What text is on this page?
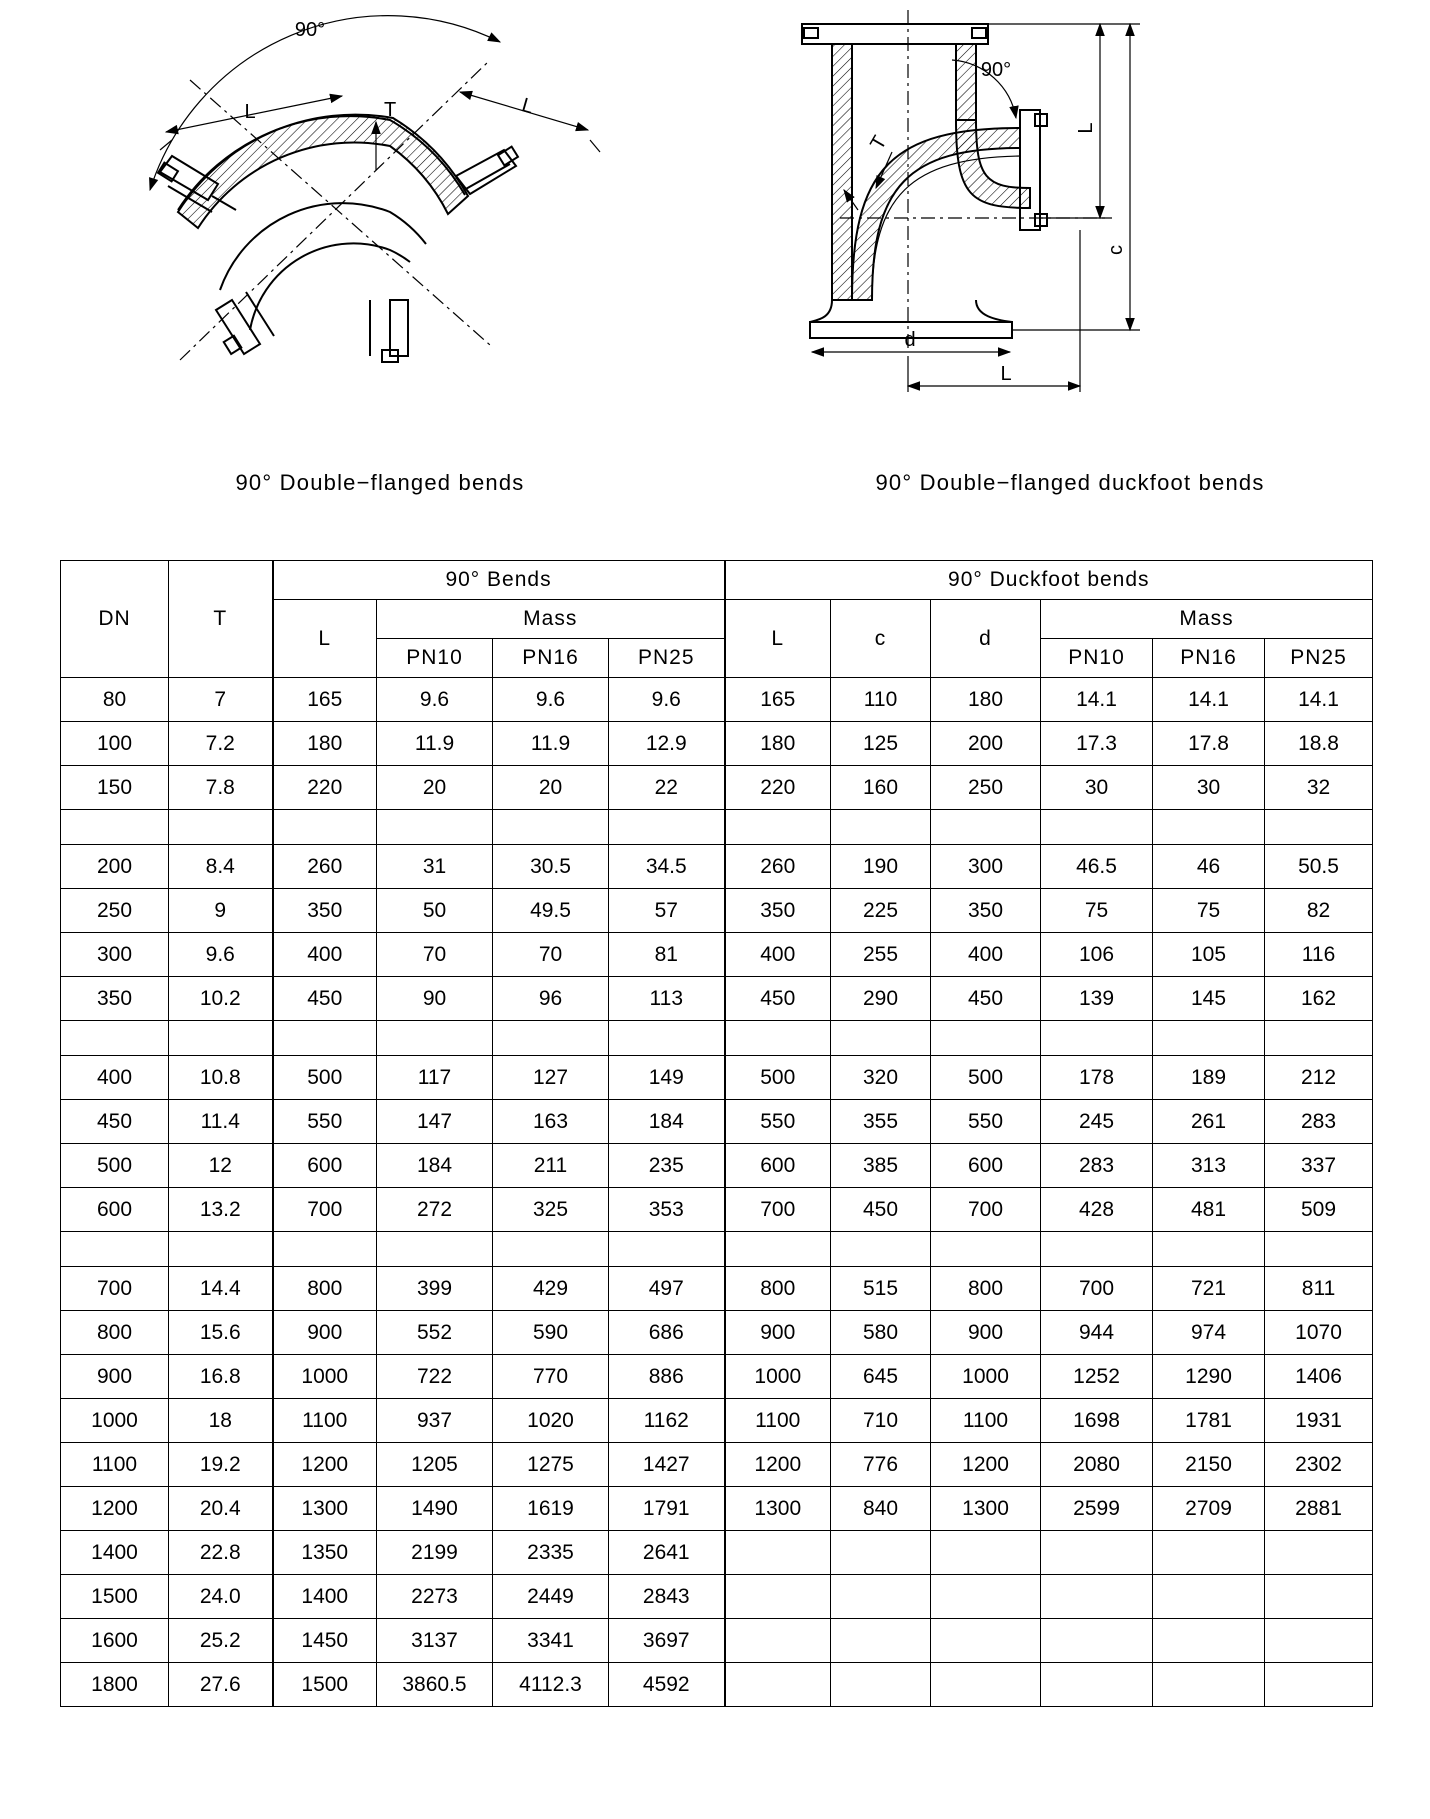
90°
L	L
T
90° Double−flanged bends
90°
T
L
c
d
L
90° Double−flanged duckfoot bends
DN	T	90° Bends				90° Duckfoot bends					
		L	Mass			L	c	d	Mass		
			PN10	PN16	PN25				PN10	PN16	PN25
80	7	165	9.6	9.6	9.6	165	110	180	14.1	14.1	14.1
100	7.2	180	11.9	11.9	12.9	180	125	200	17.3	17.8	18.8
150	7.8	220	20	20	22	220	160	250	30	30	32

200	8.4	260	31	30.5	34.5	260	190	300	46.5	46	50.5
250	9	350	50	49.5	57	350	225	350	75	75	82
300	9.6	400	70	70	81	400	255	400	106	105	116
350	10.2	450	90	96	113	450	290	450	139	145	162

400	10.8	500	117	127	149	500	320	500	178	189	212
450	11.4	550	147	163	184	550	355	550	245	261	283
500	12	600	184	211	235	600	385	600	283	313	337
600	13.2	700	272	325	353	700	450	700	428	481	509

700	14.4	800	399	429	497	800	515	800	700	721	811
800	15.6	900	552	590	686	900	580	900	944	974	1070
900	16.8	1000	722	770	886	1000	645	1000	1252	1290	1406
1000	18	1100	937	1020	1162	1100	710	1100	1698	1781	1931
1100	19.2	1200	1205	1275	1427	1200	776	1200	2080	2150	2302
1200	20.4	1300	1490	1619	1791	1300	840	1300	2599	2709	2881
1400	22.8	1350	2199	2335	2641						
1500	24.0	1400	2273	2449	2843						
1600	25.2	1450	3137	3341	3697						
1800	27.6	1500	3860.5	4112.3	4592						
